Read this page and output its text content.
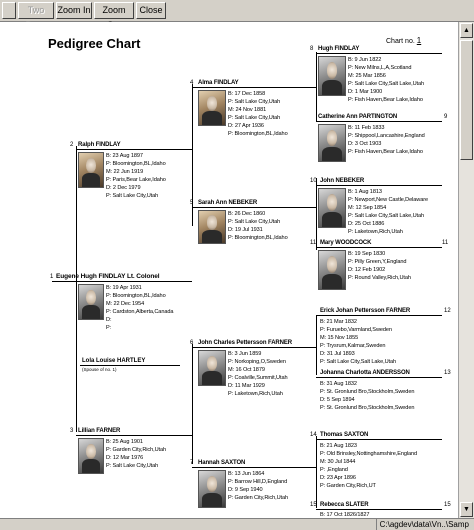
Two	Zoom In	Zoom	Close
Pedigree Chart	Chart no. 1
8 Hugh FINDLAY
B: 9 Jun 1822
P: New Milns,L,A,Scotland
M: 25 Mar 1856
P: Salt Lake City,Salt Lake,Utah
D: 1 Mar 1900
P: Fish Haven,Bear Lake,Idaho
4 Alma FINDLAY
B: 17 Dec 1858
P: Salt Lake City,Utah
M: 24 Nov 1881
P: Salt Lake City,Utah
D: 27 Apr 1936
P: Bloomington,BL,Idaho
9
Catherine Ann PARTINGTON
B: 11 Feb 1833
P: Shippool,Lancashire,England
D: 3 Oct 1903
P: Fish Haven,Bear Lake,Idaho
2 Ralph FINDLAY
B: 23 Aug 1897
P: Bloomington,BL,Idaho
M: 22 Jun 1919
P: Paris,Bear Lake,Idaho
D: 2 Dec 1979
P: Salt Lake City,Utah
10 John NEBEKER
B: 1 Aug 1813
P: Newport,New Castle,Delaware
M: 12 Sep 1854
P: Salt Lake City,Salt Lake,Utah
D: 25 Oct 1886
P: Laketown,Rich,Utah
5 Sarah Ann NEBEKER
B: 26 Dec 1860
P: Salt Lake City,Utah
D: 19 Jul 1931
P: Bloomington,BL,Idaho
11
11 Mary WOODCOCK
B: 19 Sep 1830
P: Pilly Green,Y,England
D: 12 Feb 1902
P: Round Valley,Rich,Utah
1 Eugene Hugh FINDLAY Lt. Colonel
B: 19 Apr 1931
P: Bloomington,BL,Idaho
M: 22 Dec 1954
P: Cardston,Alberta,Canada
D:
P:
12
Erick Johan Pettersson FARNER
B: 21 Mar 1832
P: Furuebo,Varmland,Sweden
M: 15 Nov 1855
P: Trysrum,Kalmar,Sweden
D: 31 Jul 1893
P: Salt Lake City,Salt Lake,Utah
6 John Charles Pettersson FARNER
B: 3 Jun 1859
P: Norkoping,O,Sweden
M: 16 Oct 1879
P: Coalville,Summit,Utah
D: 11 Mar 1929
P: Laketown,Rich,Utah
Lola Louise HARTLEY
(Spouse of no. 1)
13
Johanna Charlotta ANDERSSON
B: 31 Aug 1832
P: St. Gronlund Bro,Stockholm,Sweden
D: 5 Sep 1894
P: St. Gronlund Bro,Stockholm,Sweden
3 Lillian FARNER
B: 25 Aug 1901
P: Garden City,Rich,Utah
D: 12 Mar 1976
P: Salt Lake City,Utah
14 Thomas SAXTON
B: 21 Aug 1823
P: Old Brinsley,Nottinghamshire,England
M: 30 Jul 1844
P: ,England
D: 23 Apr 1896
P: Garden City,Rich,UT
7 Hannah SAXTON
B: 13 Jun 1864
P: Barrow Hill,D,England
D: 9 Sep 1940
P: Garden City,Rich,Utah
15	15
Rebecca SLATER
B: 17 Oct 1826/1827
▲
▼
C:\agdev\data\Vn..\Samp
